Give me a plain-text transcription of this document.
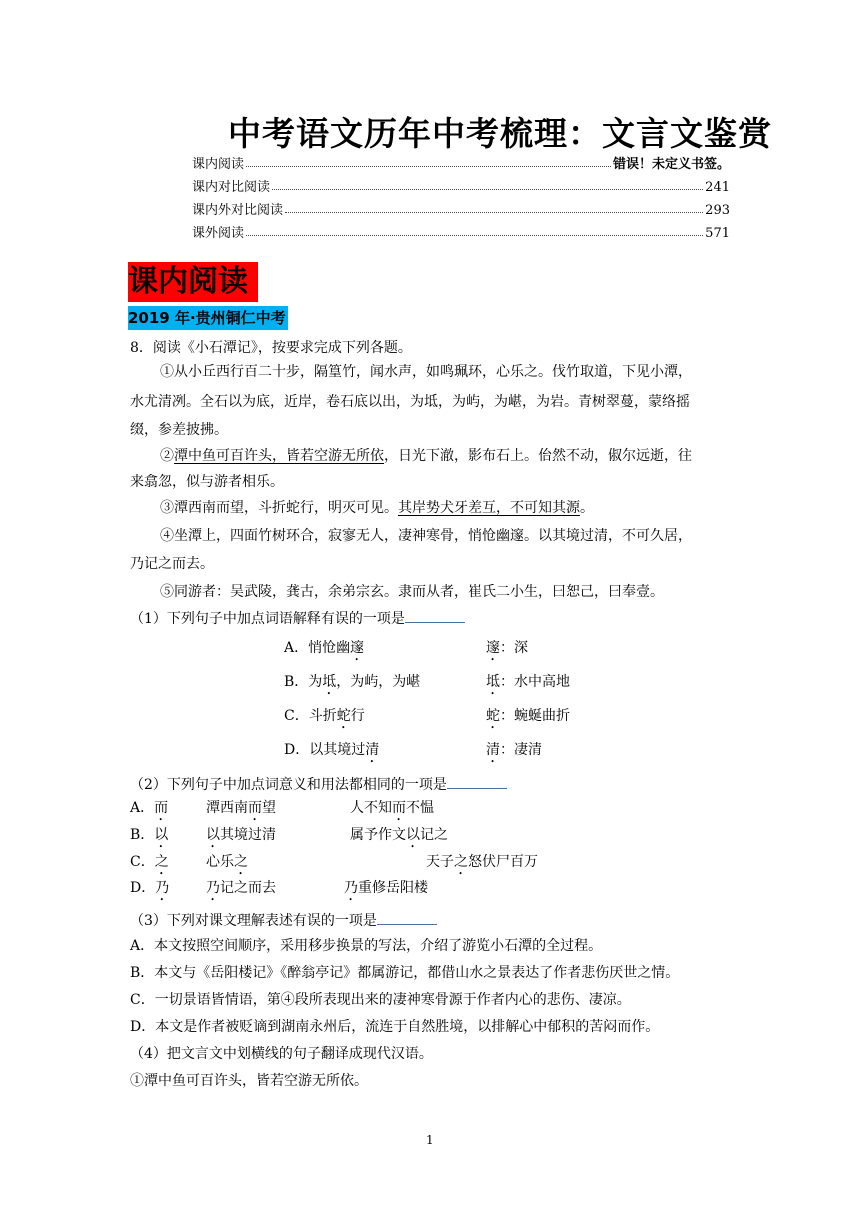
中考语文历年中考梳理：文言文鉴赏
课内阅读	错误！未定义书签。
课内对比阅读	241
课内外对比阅读	293
课外阅读	571
课内阅读
2019 年·贵州铜仁中考
8．阅读《小石潭记》，按要求完成下列各题。
①从小丘西行百二十步，隔篁竹，闻水声，如鸣珮环，心乐之。伐竹取道，下见小潭，
水尤清冽。全石以为底，近岸，卷石底以出，为坻，为屿，为嵁，为岩。青树翠蔓，蒙络摇
缀，参差披拂。
②潭中鱼可百许头，皆若空游无所依，日光下澈，影布石上。佁然不动，俶尔远逝，往
来翕忽，似与游者相乐。
③潭西南而望，斗折蛇行，明灭可见。其岸势犬牙差互，不可知其源。
④坐潭上，四面竹树环合，寂寥无人，凄神寒骨，悄怆幽邃。以其境过清，不可久居，
乃记之而去。
⑤同游者：吴武陵，龚古，余弟宗玄。隶而从者，崔氏二小生，曰恕己，曰奉壹。
（1）下列句子中加点词语解释有误的一项是
A．悄怆幽邃	邃：深
B．为坻，为屿，为嵁	坻：水中高地
C．斗折蛇行	蛇：蜿蜒曲折
D．以其境过清	清：凄清
（2）下列句子中加点词意义和用法都相同的一项是
A．而	潭西南而望	人不知而不愠
B．以	以其境过清	属予作文以记之
C．之	心乐之	天子之怒伏尸百万
D．乃	乃记之而去	乃重修岳阳楼
（3）下列对课文理解表述有误的一项是
A．本文按照空间顺序，采用移步换景的写法，介绍了游览小石潭的全过程。
B．本文与《岳阳楼记》《醉翁亭记》都属游记，都借山水之景表达了作者悲伤厌世之情。
C．一切景语皆情语，第④段所表现出来的凄神寒骨源于作者内心的悲伤、凄凉。
D．本文是作者被贬谪到湖南永州后，流连于自然胜境，以排解心中郁积的苦闷而作。
（4）把文言文中划横线的句子翻译成现代汉语。
①潭中鱼可百许头，皆若空游无所依。
1
